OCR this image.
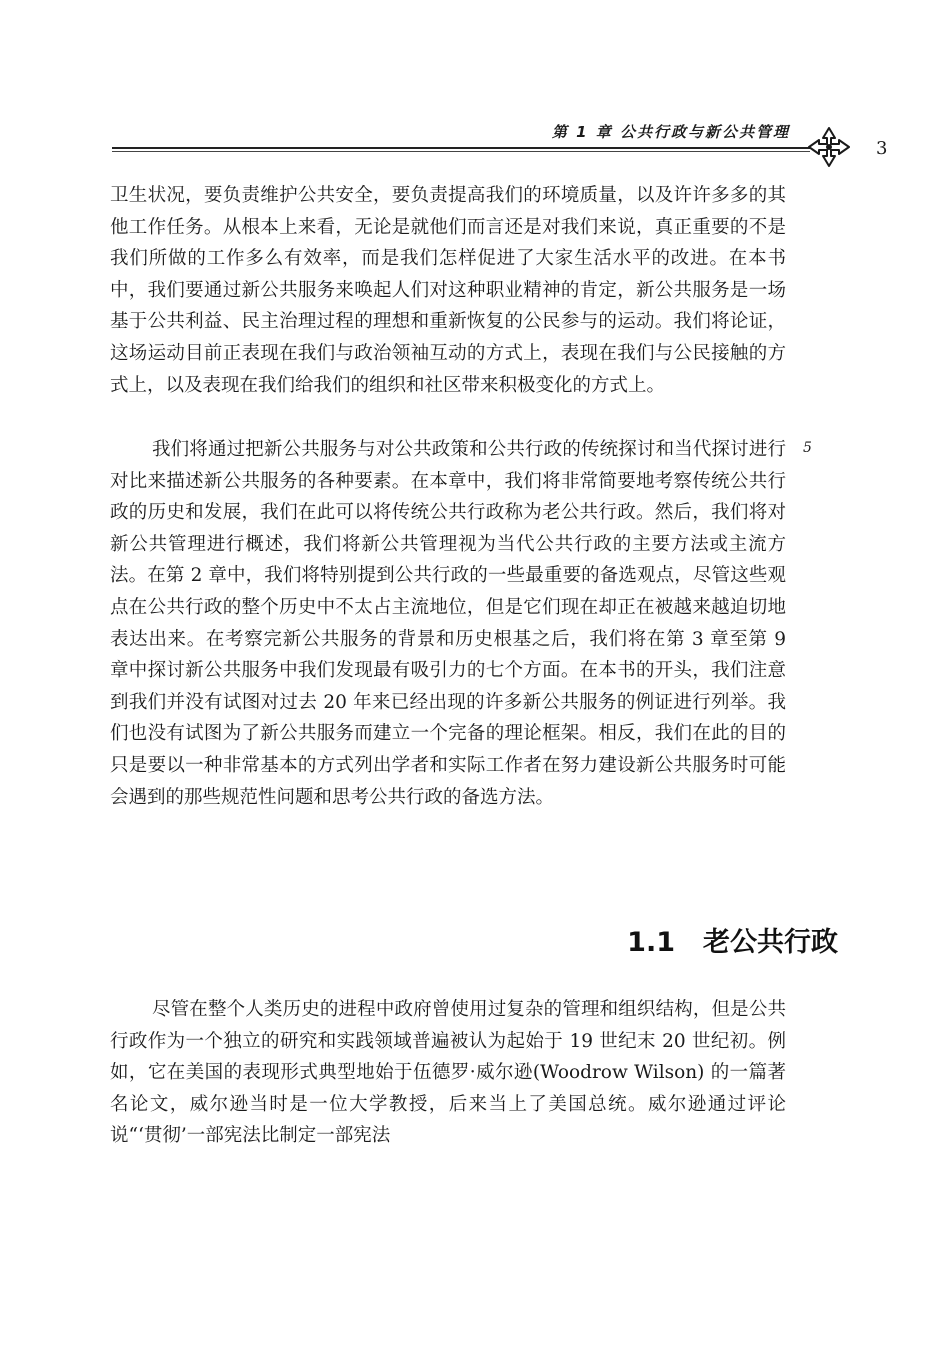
第 1 章 公共行政与新公共管理
3

卫生状况，要负责维护公共安全，要负责提高我们的环境质量，以及许许多多的其他工作任务。从根本上来看，无论是就他们而言还是对我们来说，真正重要的不是我们所做的工作多么有效率，而是我们怎样促进了大家生活水平的改进。在本书中，我们要通过新公共服务来唤起人们对这种职业精神的肯定，新公共服务是一场基于公共利益、民主治理过程的理想和重新恢复的公民参与的运动。我们将论证，这场运动目前正表现在我们与政治领袖互动的方式上，表现在我们与公民接触的方式上，以及表现在我们给我们的组织和社区带来积极变化的方式上。

5

我们将通过把新公共服务与对公共政策和公共行政的传统探讨和当代探讨进行对比来描述新公共服务的各种要素。在本章中，我们将非常简要地考察传统公共行政的历史和发展，我们在此可以将传统公共行政称为老公共行政。然后，我们将对新公共管理进行概述，我们将新公共管理视为当代公共行政的主要方法或主流方法。在第 2 章中，我们将特别提到公共行政的一些最重要的备选观点，尽管这些观点在公共行政的整个历史中不太占主流地位，但是它们现在却正在被越来越迫切地表达出来。在考察完新公共服务的背景和历史根基之后，我们将在第 3 章至第 9 章中探讨新公共服务中我们发现最有吸引力的七个方面。在本书的开头，我们注意到我们并没有试图对过去 20 年来已经出现的许多新公共服务的例证进行列举。我们也没有试图为了新公共服务而建立一个完备的理论框架。相反，我们在此的目的只是要以一种非常基本的方式列出学者和实际工作者在努力建设新公共服务时可能会遇到的那些规范性问题和思考公共行政的备选方法。

1.1 老公共行政

尽管在整个人类历史的进程中政府曾使用过复杂的管理和组织结构，但是公共行政作为一个独立的研究和实践领域普遍被认为起始于 19 世纪末 20 世纪初。例如，它在美国的表现形式典型地始于伍德罗·威尔逊(Woodrow Wilson) 的一篇著名论文，威尔逊当时是一位大学教授，后来当上了美国总统。威尔逊通过评论说“‘贯彻’一部宪法比制定一部宪法
